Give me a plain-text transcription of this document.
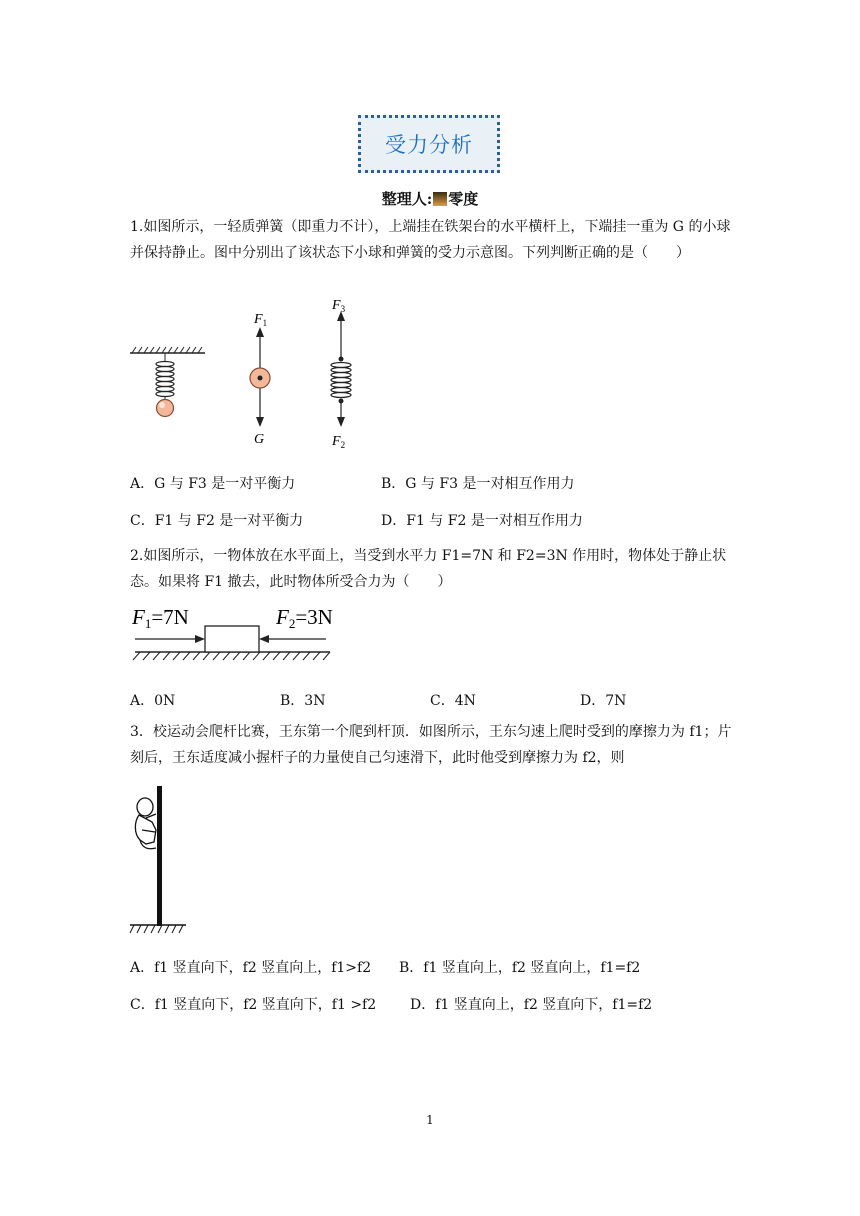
受力分析
整理人: 零度
1.如图所示，一轻质弹簧（即重力不计），上端挂在铁架台的水平横杆上，下端挂一重为 G 的小球并保持静止。图中分别出了该状态下小球和弹簧的受力示意图。下列判断正确的是（　　）
$F_1$
G
$F_3$
$F_2$
A．G 与 F3 是一对平衡力	B．G 与 F3 是一对相互作用力
C．F1 与 F2 是一对平衡力	D．F1 与 F2 是一对相互作用力
2.如图所示，一物体放在水平面上，当受到水平力 F1=7N 和 F2=3N 作用时，物体处于静止状态。如果将 F1 撤去，此时物体所受合力为（　　）
F1=7N	F2=3N
A．0N	B．3N	C．4N	D．7N
3．校运动会爬杆比赛，王东第一个爬到杆顶．如图所示，王东匀速上爬时受到的摩擦力为 f1；片刻后，王东适度减小握杆子的力量使自己匀速滑下，此时他受到摩擦力为 f2，则
A．f1 竖直向下，f2 竖直向上，f1>f2 B．f1 竖直向上，f2 竖直向上，f1=f2
C．f1 竖直向下，f2 竖直向下，f1 >f2 D．f1 竖直向上，f2 竖直向下，f1=f2
1
